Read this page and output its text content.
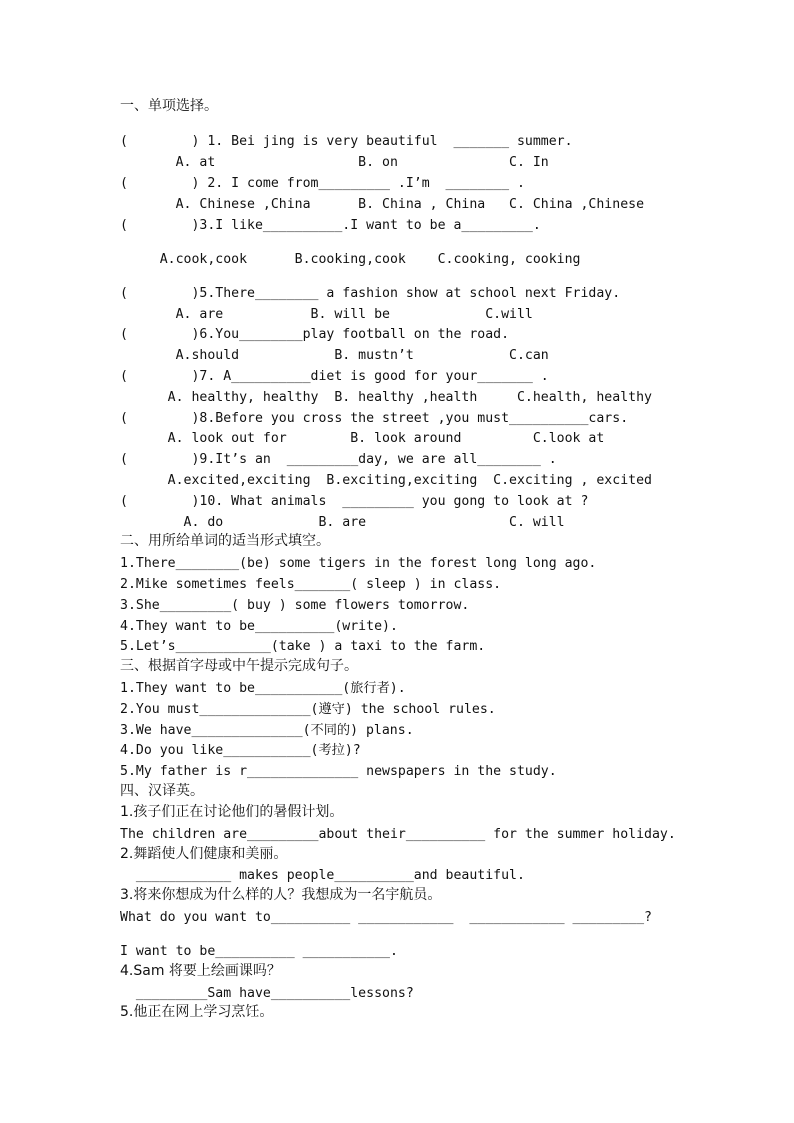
一、单项选择。
(        ) 1. Bei jing is very beautiful  _______ summer.
A. at                  B. on              C. In
(        ) 2. I come from_________ .I’m  ________ .
A. Chinese ,China      B. China , China   C. China ,Chinese
(        )3.I like__________.I want to be a_________.
A.cook,cook      B.cooking,cook    C.cooking, cooking
(        )5.There________ a fashion show at school next Friday.
A. are           B. will be            C.will
(        )6.You________play football on the road.
A.should            B. mustn’t            C.can
(        )7. A__________diet is good for your_______ .
A. healthy, healthy  B. healthy ,health     C.health, healthy
(        )8.Before you cross the street ,you must__________cars.
A. look out for        B. look around         C.look at
(        )9.It’s an  _________day, we are all________ .
A.excited,exciting  B.exciting,exciting  C.exciting , excited
(        )10. What animals  _________ you gong to look at ?
A. do            B. are                  C. will
二、用所给单词的适当形式填空。
1.There________(be) some tigers in the forest long long ago.
2.Mike sometimes feels_______( sleep ) in class.
3.She_________( buy ) some flowers tomorrow.
4.They want to be__________(write).
5.Let’s____________(take ) a taxi to the farm.
三、根据首字母或中午提示完成句子。
1.They want to be___________(旅行者).
2.You must______________(遵守) the school rules.
3.We have______________(不同的) plans.
4.Do you like___________(考拉)?
5.My father is r______________ newspapers in the study.
四、汉译英。
1.孩子们正在讨论他们的暑假计划。
The children are_________about their__________ for the summer holiday.
2.舞蹈使人们健康和美丽。
____________ makes people__________and beautiful.
3.将来你想成为什么样的人？我想成为一名宇航员。
What do you want to__________ ____________  ____________ _________?
I want to be__________ ___________.
4.Sam 将要上绘画课吗？
_________Sam have__________lessons?
5.他正在网上学习烹饪。
